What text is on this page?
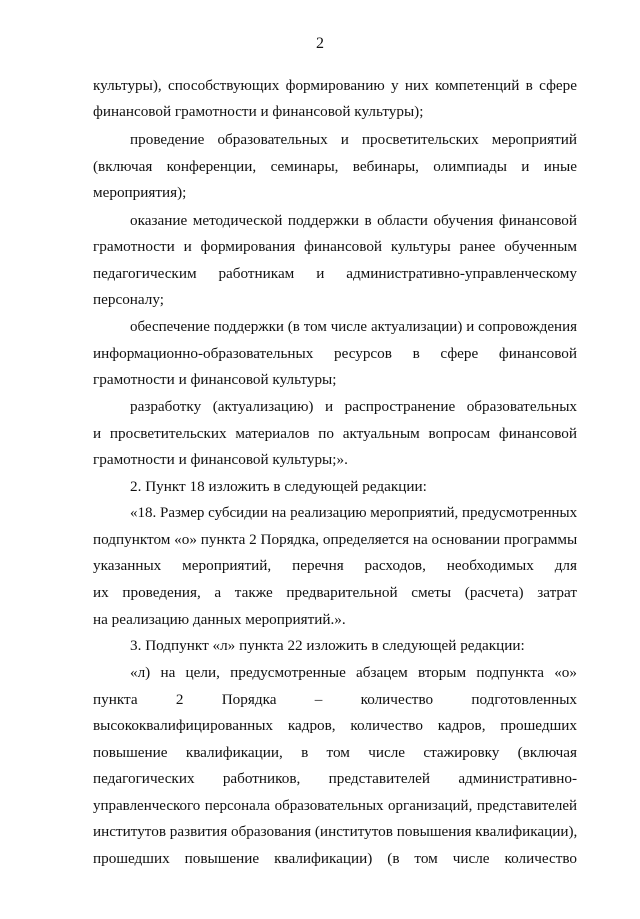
2
культуры), способствующих формированию у них компетенций в сфере
финансовой грамотности и финансовой культуры);
проведение образовательных и просветительских мероприятий
(включая конференции, семинары, вебинары, олимпиады и иные
мероприятия);
оказание методической поддержки в области обучения финансовой
грамотности и формирования финансовой культуры ранее обученным
педагогическим работникам и административно-управленческому
персоналу;
обеспечение поддержки (в том числе актуализации) и сопровождения
информационно-образовательных ресурсов в сфере финансовой
грамотности и финансовой культуры;
разработку (актуализацию) и распространение образовательных
и просветительских материалов по актуальным вопросам финансовой
грамотности и финансовой культуры;».
2. Пункт 18 изложить в следующей редакции:
«18. Размер субсидии на реализацию мероприятий, предусмотренных
подпунктом «о» пункта 2 Порядка, определяется на основании программы
указанных мероприятий, перечня расходов, необходимых для
их проведения, а также предварительной сметы (расчета) затрат
на реализацию данных мероприятий.».
3. Подпункт «л» пункта 22 изложить в следующей редакции:
«л) на цели, предусмотренные абзацем вторым подпункта «о»
пункта 2 Порядка – количество подготовленных
высококвалифицированных кадров, количество кадров, прошедших
повышение квалификации, в том числе стажировку (включая
педагогических работников, представителей административно-
управленческого персонала образовательных организаций, представителей
институтов развития образования (институтов повышения квалификации),
прошедших повышение квалификации) (в том числе количество
